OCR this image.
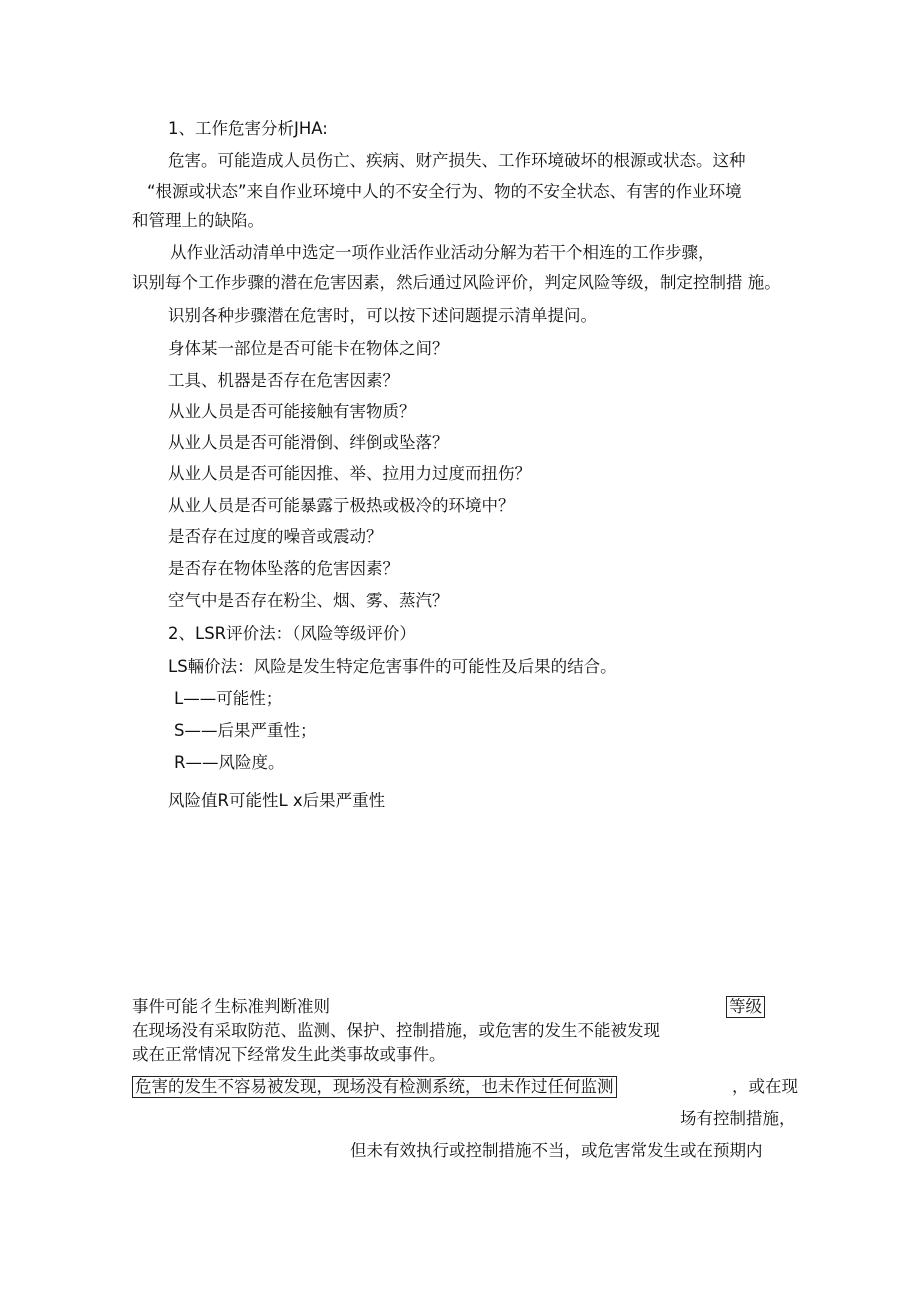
1、工作危害分析JHA:
危害。可能造成人员伤亡、疾病、财产损失、工作环境破坏的根源或状态。这种
“根源或状态”来自作业环境中人的不安全行为、物的不安全状态、有害的作业环境
和管理上的缺陷。
从作业活动清单中选定一项作业活作业活动分解为若干个相连的工作步骤，
识别每个工作步骤的潜在危害因素，然后通过风险评价，判定风险等级，制定控制措 施。
识别各种步骤潜在危害时，可以按下述问题提示清单提问。
身体某一部位是否可能卡在物体之间？
工具、机器是否存在危害因素？
从业人员是否可能接触有害物质？
从业人员是否可能滑倒、绊倒或坠落？
从业人员是否可能因推、举、拉用力过度而扭伤？
从业人员是否可能暴露亍极热或极冷的环境中？
是否存在过度的噪音或震动？
是否存在物体坠落的危害因素？
空气中是否存在粉尘、烟、雾、蒸汽？
2、LSR评价法：（风险等级评价）
LS輛价法：风险是发生特定危害事件的可能性及后果的结合。
L——可能性；
S——后果严重性；
R——风险度。
风险值R可能性L x后果严重性
事件可能彳生标准判断准则	等级
在现场没有采取防范、监测、保护、控制措施，或危害的发生不能被发现
或在正常情况下经常发生此类事故或事件。
危害的发生不容易被发现，现场没有检测系统，也未作过任何监测	，或在现
场有控制措施，
但未有效执行或控制措施不当，或危害常发生或在预期内
